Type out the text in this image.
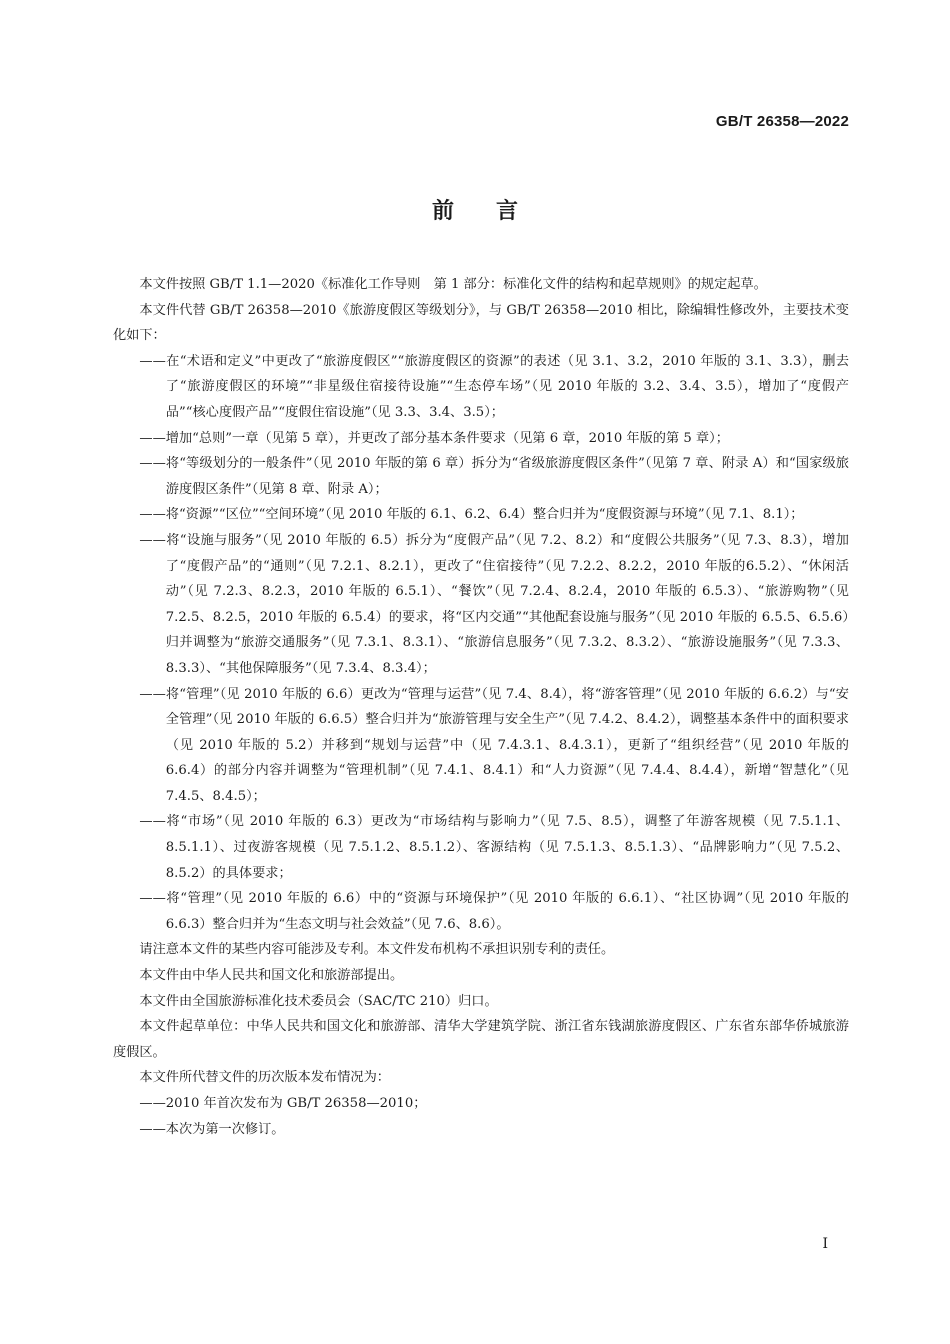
GB/T 26358—2022
前言

本文件按照 GB/T 1.1—2020《标准化工作导则　第 1 部分：标准化文件的结构和起草规则》的规定起草。

本文件代替 GB/T 26358—2010《旅游度假区等级划分》，与 GB/T 26358—2010 相比，除编辑性修改外，主要技术变化如下：

——在“术语和定义”中更改了“旅游度假区”“旅游度假区的资源”的表述（见 3.1、3.2，2010 年版的 3.1、3.3），删去了“旅游度假区的环境”“非星级住宿接待设施”“生态停车场”（见 2010 年版的 3.2、3.4、3.5），增加了“度假产品”“核心度假产品”“度假住宿设施”（见 3.3、3.4、3.5）；

——增加“总则”一章（见第 5 章），并更改了部分基本条件要求（见第 6 章，2010 年版的第 5 章）；

——将“等级划分的一般条件”（见 2010 年版的第 6 章）拆分为“省级旅游度假区条件”（见第 7 章、附录 A）和“国家级旅游度假区条件”（见第 8 章、附录 A）；

——将“资源”“区位”“空间环境”（见 2010 年版的 6.1、6.2、6.4）整合归并为“度假资源与环境”（见 7.1、8.1）；

——将“设施与服务”（见 2010 年版的 6.5）拆分为“度假产品”（见 7.2、8.2）和“度假公共服务”（见 7.3、8.3），增加了“度假产品”的“通则”（见 7.2.1、8.2.1），更改了“住宿接待”（见 7.2.2、8.2.2，2010 年版的6.5.2）、“休闲活动”（见 7.2.3、8.2.3，2010 年版的 6.5.1）、“餐饮”（见 7.2.4、8.2.4，2010 年版的 6.5.3）、“旅游购物”（见 7.2.5、8.2.5，2010 年版的 6.5.4）的要求，将“区内交通”“其他配套设施与服务”（见 2010 年版的 6.5.5、6.5.6）归并调整为“旅游交通服务”（见 7.3.1、8.3.1）、“旅游信息服务”（见 7.3.2、8.3.2）、“旅游设施服务”（见 7.3.3、8.3.3）、“其他保障服务”（见 7.3.4、8.3.4）；

——将“管理”（见 2010 年版的 6.6）更改为“管理与运营”（见 7.4、8.4），将“游客管理”（见 2010 年版的 6.6.2）与“安全管理”（见 2010 年版的 6.6.5）整合归并为“旅游管理与安全生产”（见 7.4.2、8.4.2），调整基本条件中的面积要求（见 2010 年版的 5.2）并移到“规划与运营”中（见 7.4.3.1、8.4.3.1），更新了“组织经营”（见 2010 年版的 6.6.4）的部分内容并调整为“管理机制”（见 7.4.1、8.4.1）和“人力资源”（见 7.4.4、8.4.4），新增“智慧化”（见 7.4.5、8.4.5）；

——将“市场”（见 2010 年版的 6.3）更改为“市场结构与影响力”（见 7.5、8.5），调整了年游客规模（见 7.5.1.1、8.5.1.1）、过夜游客规模（见 7.5.1.2、8.5.1.2）、客源结构（见 7.5.1.3、8.5.1.3）、“品牌影响力”（见 7.5.2、8.5.2）的具体要求；

——将“管理”（见 2010 年版的 6.6）中的“资源与环境保护”（见 2010 年版的 6.6.1）、“社区协调”（见 2010 年版的 6.6.3）整合归并为“生态文明与社会效益”（见 7.6、8.6）。

请注意本文件的某些内容可能涉及专利。本文件发布机构不承担识别专利的责任。

本文件由中华人民共和国文化和旅游部提出。

本文件由全国旅游标准化技术委员会（SAC/TC 210）归口。

本文件起草单位：中华人民共和国文化和旅游部、清华大学建筑学院、浙江省东钱湖旅游度假区、广东省东部华侨城旅游度假区。

本文件所代替文件的历次版本发布情况为：

——2010 年首次发布为 GB/T 26358—2010；

——本次为第一次修订。

I
